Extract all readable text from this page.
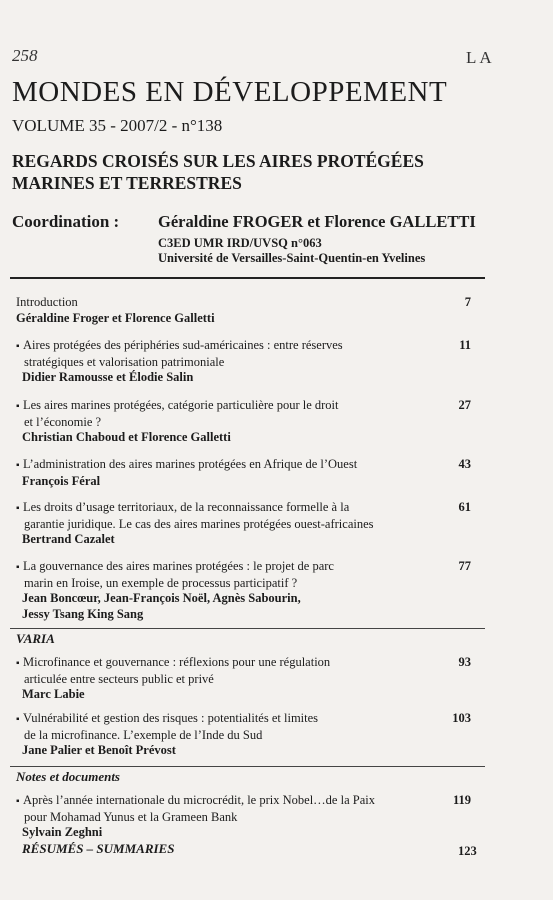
258	LA
MONDES EN DÉVELOPPEMENT
VOLUME 35 - 2007/2 - n°138
REGARDS CROISÉS SUR LES AIRES PROTÉGÉES
MARINES ET TERRESTRES
Coordination : Géraldine FROGER et Florence GALLETTI
C3ED UMR IRD/UVSQ n°063
Université de Versailles-Saint-Quentin-en Yvelines
Introduction
Géraldine Froger et Florence Galletti
7
▪ Aires protégées des périphéries sud-américaines : entre réserves
stratégiques et valorisation patrimoniale
Didier Ramousse et Élodie Salin
11
▪ Les aires marines protégées, catégorie particulière pour le droit
et l’économie ?
Christian Chaboud et Florence Galletti
27
▪ L’administration des aires marines protégées en Afrique de l’Ouest
François Féral
43
▪ Les droits d’usage territoriaux, de la reconnaissance formelle à la
garantie juridique. Le cas des aires marines protégées ouest-africaines
Bertrand Cazalet
61
▪ La gouvernance des aires marines protégées : le projet de parc
marin en Iroise, un exemple de processus participatif ?
Jean Boncœur, Jean-François Noël, Agnès Sabourin,
Jessy Tsang King Sang
77
VARIA
▪ Microfinance et gouvernance : réflexions pour une régulation
articulée entre secteurs public et privé
Marc Labie
93
▪ Vulnérabilité et gestion des risques : potentialités et limites
de la microfinance. L’exemple de l’Inde du Sud
Jane Palier et Benoît Prévost
103
Notes et documents
▪ Après l’année internationale du microcrédit, le prix Nobel…de la Paix
pour Mohamad Yunus et la Grameen Bank
Sylvain Zeghni
119
RÉSUMÉS – SUMMARIES	123
